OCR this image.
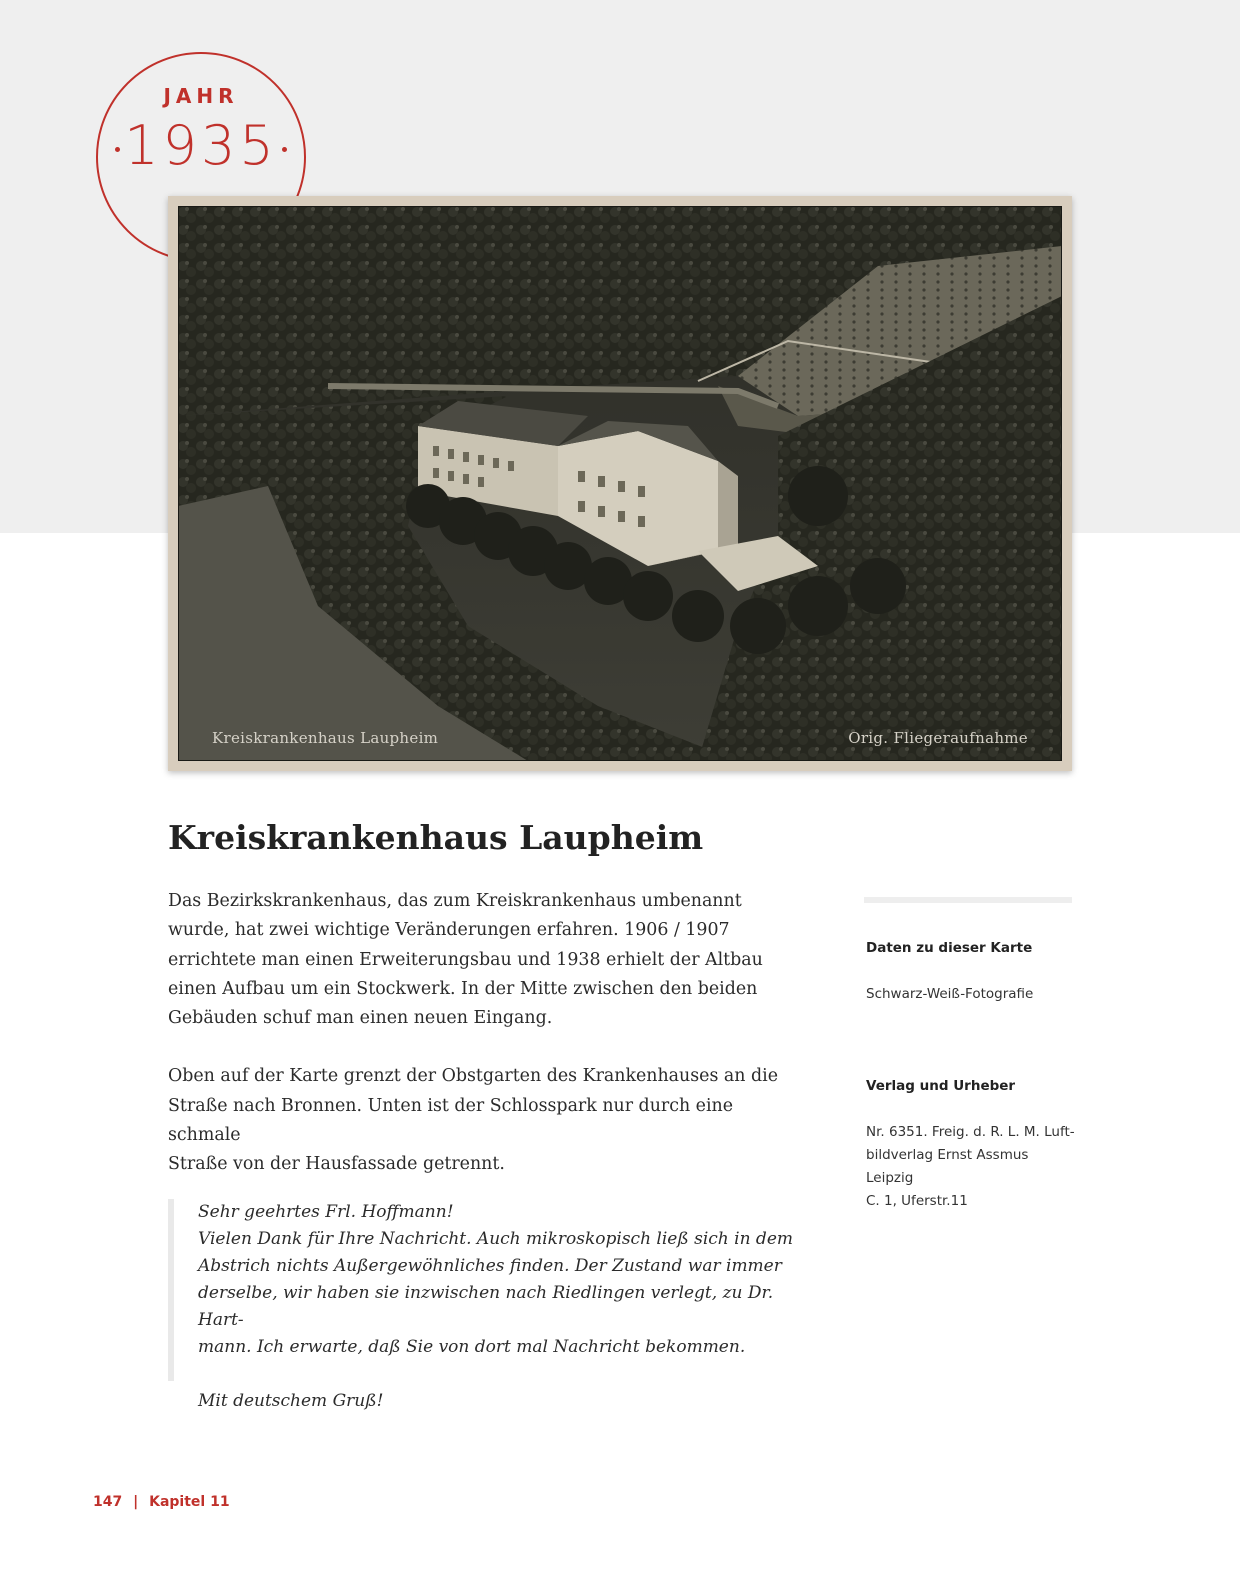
JAHR
1935
Kreiskrankenhaus Laupheim	Orig. Fliegeraufnahme
Kreiskrankenhaus Laupheim

Das Bezirkskrankenhaus, das zum Kreiskrankenhaus umbenannt
wurde, hat zwei wichtige Veränderungen erfahren. 1906 / 1907
errichtete man einen Erweiterungsbau und 1938 erhielt der Altbau
einen Aufbau um ein Stockwerk. In der Mitte zwischen den beiden
Gebäuden schuf man einen neuen Eingang.

Oben auf der Karte grenzt der Obstgarten des Krankenhauses an die
Straße nach Bronnen. Unten ist der Schlosspark nur durch eine schmale
Straße von der Hausfassade getrennt.

Daten zu dieser Karte

Schwarz-Weiß-Fotografie

Verlag und Urheber

Nr. 6351. Freig. d. R. L. M. Luft-
bildverlag Ernst Assmus Leipzig
C. 1, Uferstr.11

Sehr geehrtes Frl. Hoffmann!
Vielen Dank für Ihre Nachricht. Auch mikroskopisch ließ sich in dem
Abstrich nichts Außergewöhnliches finden. Der Zustand war immer
derselbe, wir haben sie inzwischen nach Riedlingen verlegt, zu Dr. Hart-
mann. Ich erwarte, daß Sie von dort mal Nachricht bekommen.
Mit deutschem Gruß!
147 | Kapitel 11
